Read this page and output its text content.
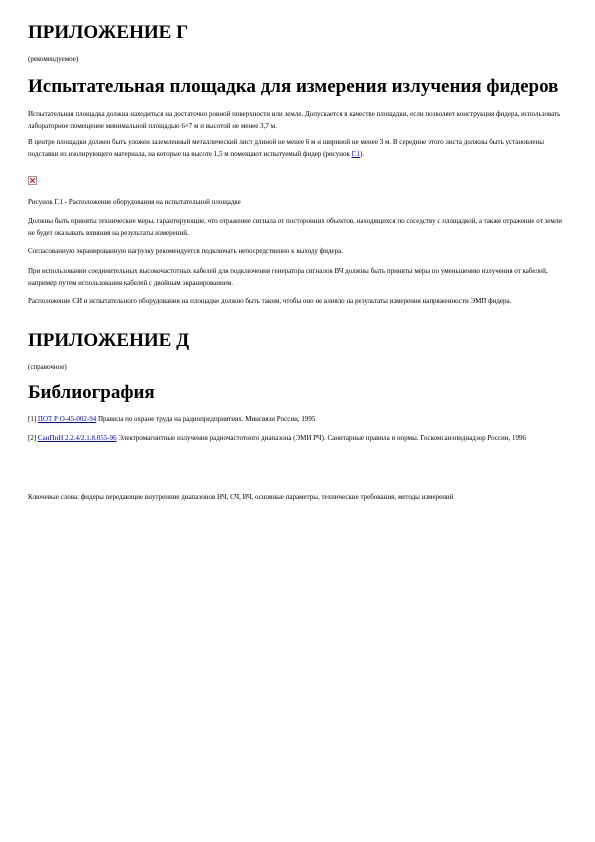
ПРИЛОЖЕНИЕ Г
(рекомендуемое)
Испытательная площадка для измерения излучения фидеров
Испытательная площадка должна находиться на достаточно ровной поверхности или земле. Допускается в качестве площадки, если позволяет конструкция фидера, использовать лабораторное помещение минимальной площадью 6×7 м и высотой не менее 3,7 м.
В центре площадки должен быть уложен заземленный металлический лист длиной не менее 6 м и шириной не менее 3 м. В середине этого листа должны быть установлены подставки из изолирующего материала, на которые на высоте 1,5 м помещают испытуемый фидер (рисунок Г.1).
Рисунок Г.1 - Расположение оборудования на испытательной площадке
Должны быть приняты технические меры, гарантирующие, что отражение сигнала от посторонних объектов, находящихся по соседству с площадкой, а также отражение от земли не будет оказывать влияния на результаты измерений.
Согласованную экранированную нагрузку рекомендуется подключать непосредственно к выходу фидера.
При использовании соединительных высокочастотных кабелей для подключения генератора сигналов ВЧ должны быть приняты меры по уменьшению излучения от кабелей, например путем использования кабелей с двойным экранированием.
Расположение СИ и испытательного оборудования на площадке должно быть таким, чтобы оно не влияло на результаты измерения напряженности ЭМП фидера.
ПРИЛОЖЕНИЕ Д
(справочное)
Библиография
[1] ПОТ Р О-45-002-94 Правила по охране труда на радиопредприятиях. Минсвязи России, 1995
[2] СанПиН 2.2.4/2.1.8.055-96 Электромагнитные излучения радиочастотного диапазона (ЭМИ РЧ). Санитарные правила и нормы. Госкомсанэпиднадзор России, 1996
Ключевые слова: фидеры передающие внутренние диапазонов НЧ, СЧ, ВЧ, основные параметры, технические требования, методы измерений
